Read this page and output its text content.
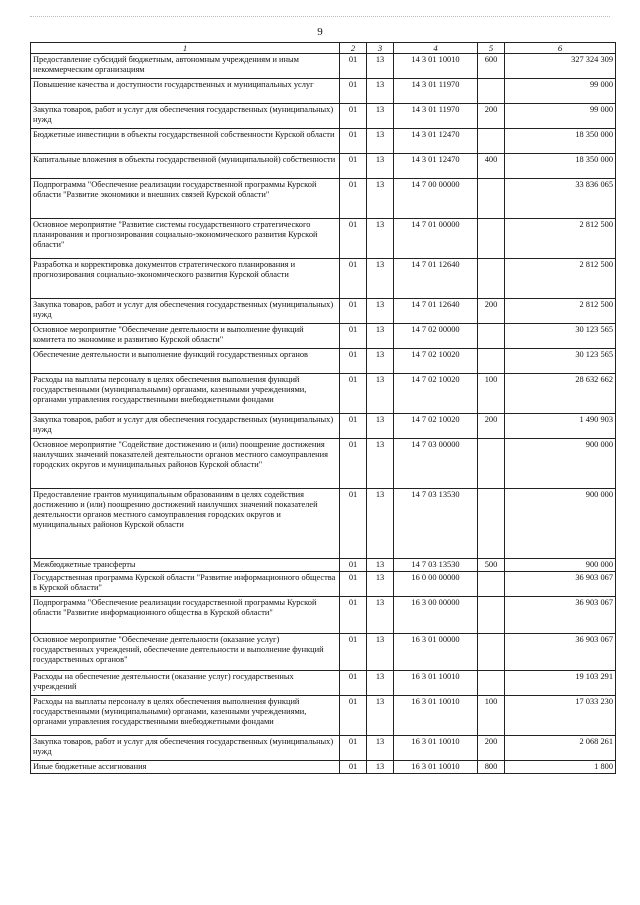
9
1	2	3	4	5	6
Предоставление субсидий бюджетным, автономным учреждениям и иным некоммерческим организациям	01	13	14 3 01 10010	600	327 324 309
Повышение качества и доступности государственных и муниципальных услуг	01	13	14 3 01 11970		99 000
Закупка товаров, работ и услуг для обеспечения государственных (муниципальных) нужд	01	13	14 3 01 11970	200	99 000
Бюджетные инвестиции в объекты государственной собственности Курской области	01	13	14 3 01 12470		18 350 000
Капитальные вложения в объекты государственной (муниципальной) собственности	01	13	14 3 01 12470	400	18 350 000
Подпрограмма "Обеспечение реализации государственной программы Курской области "Развитие экономики и внешних связей Курской области"	01	13	14 7 00 00000		33 836 065
Основное мероприятие "Развитие системы государственного стратегического планирования и прогнозирования социально-экономического развития Курской области"	01	13	14 7 01 00000		2 812 500
Разработка и корректировка документов стратегического планирования и прогнозирования социально-экономического развития Курской области	01	13	14 7 01 12640		2 812 500
Закупка товаров, работ и услуг для обеспечения государственных (муниципальных) нужд	01	13	14 7 01 12640	200	2 812 500
Основное мероприятие "Обеспечение деятельности и выполнение функций комитета по экономике и развитию Курской области"	01	13	14 7 02 00000		30 123 565
Обеспечение деятельности и выполнение функций государственных органов	01	13	14 7 02 10020		30 123 565
Расходы на выплаты персоналу в целях обеспечения выполнения функций государственными (муниципальными) органами, казенными учреждениями, органами управления государственными внебюджетными фондами	01	13	14 7 02 10020	100	28 632 662
Закупка товаров, работ и услуг для обеспечения государственных (муниципальных) нужд	01	13	14 7 02 10020	200	1 490 903
Основное мероприятие "Содействие достижению и (или) поощрение достижения наилучших значений показателей деятельности органов местного самоуправления городских округов и муниципальных районов Курской области"	01	13	14 7 03 00000		900 000
Предоставление грантов муниципальным образованиям в целях содействия достижению и (или) поощрению достижений наилучших значений показателей деятельности органов местного самоуправления городских округов и муниципальных районов Курской области	01	13	14 7 03 13530		900 000
Межбюджетные трансферты	01	13	14 7 03 13530	500	900 000
Государственная программа Курской области "Развитие информационного общества в Курской области"	01	13	16 0 00 00000		36 903 067
Подпрограмма "Обеспечение реализации государственной программы Курской области "Развитие информационного общества в Курской области"	01	13	16 3 00 00000		36 903 067
Основное мероприятие "Обеспечение деятельности (оказание услуг) государственных учреждений, обеспечение деятельности и выполнение функций государственных органов"	01	13	16 3 01 00000		36 903 067
Расходы на обеспечение деятельности (оказание услуг) государственных учреждений	01	13	16 3 01 10010		19 103 291
Расходы на выплаты персоналу в целях обеспечения выполнения функций государственными (муниципальными) органами, казенными учреждениями, органами управления государственными внебюджетными фондами	01	13	16 3 01 10010	100	17 033 230
Закупка товаров, работ и услуг для обеспечения государственных (муниципальных) нужд	01	13	16 3 01 10010	200	2 068 261
Иные бюджетные ассигнования	01	13	16 3 01 10010	800	1 800
